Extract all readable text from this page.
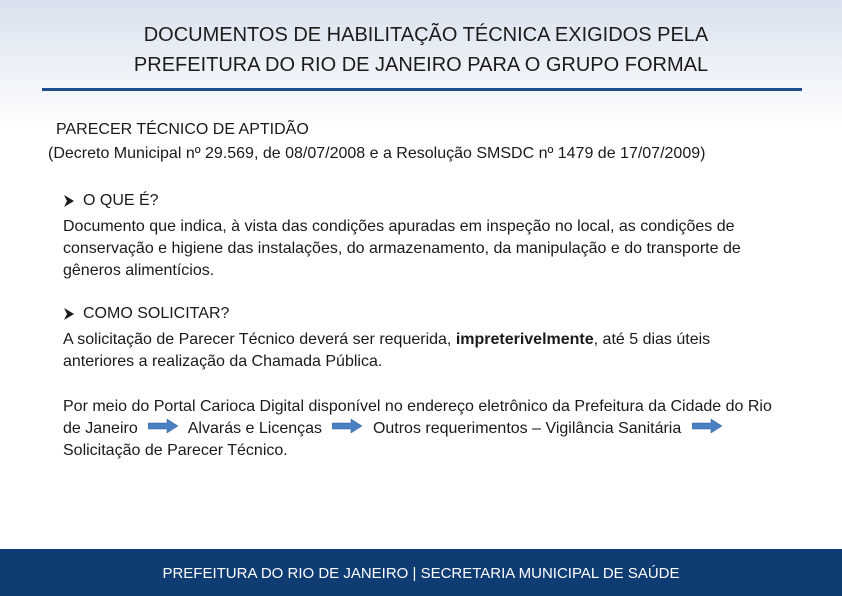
DOCUMENTOS DE HABILITAÇÃO TÉCNICA EXIGIDOS PELA
PREFEITURA DO RIO DE JANEIRO PARA O GRUPO FORMAL
PARECER TÉCNICO DE APTIDÃO
(Decreto Municipal nº 29.569, de 08/07/2008 e a Resolução SMSDC nº 1479 de 17/07/2009)
O QUE É?

Documento que indica, à vista das condições apuradas em inspeção no local, as condições de conservação e higiene das instalações, do armazenamento, da manipulação e do transporte de gêneros alimentícios.

COMO SOLICITAR?

A solicitação de Parecer Técnico deverá ser requerida, impreterivelmente, até 5 dias úteis anteriores a realização da Chamada Pública.

Por meio do Portal Carioca Digital disponível no endereço eletrônico da Prefeitura da Cidade do Rio de Janeiro	Alvarás e Licenças	Outros requerimentos – Vigilância Sanitária  Solicitação de Parecer Técnico.

PREFEITURA DO RIO DE JANEIRO | SECRETARIA MUNICIPAL DE SAÚDE
